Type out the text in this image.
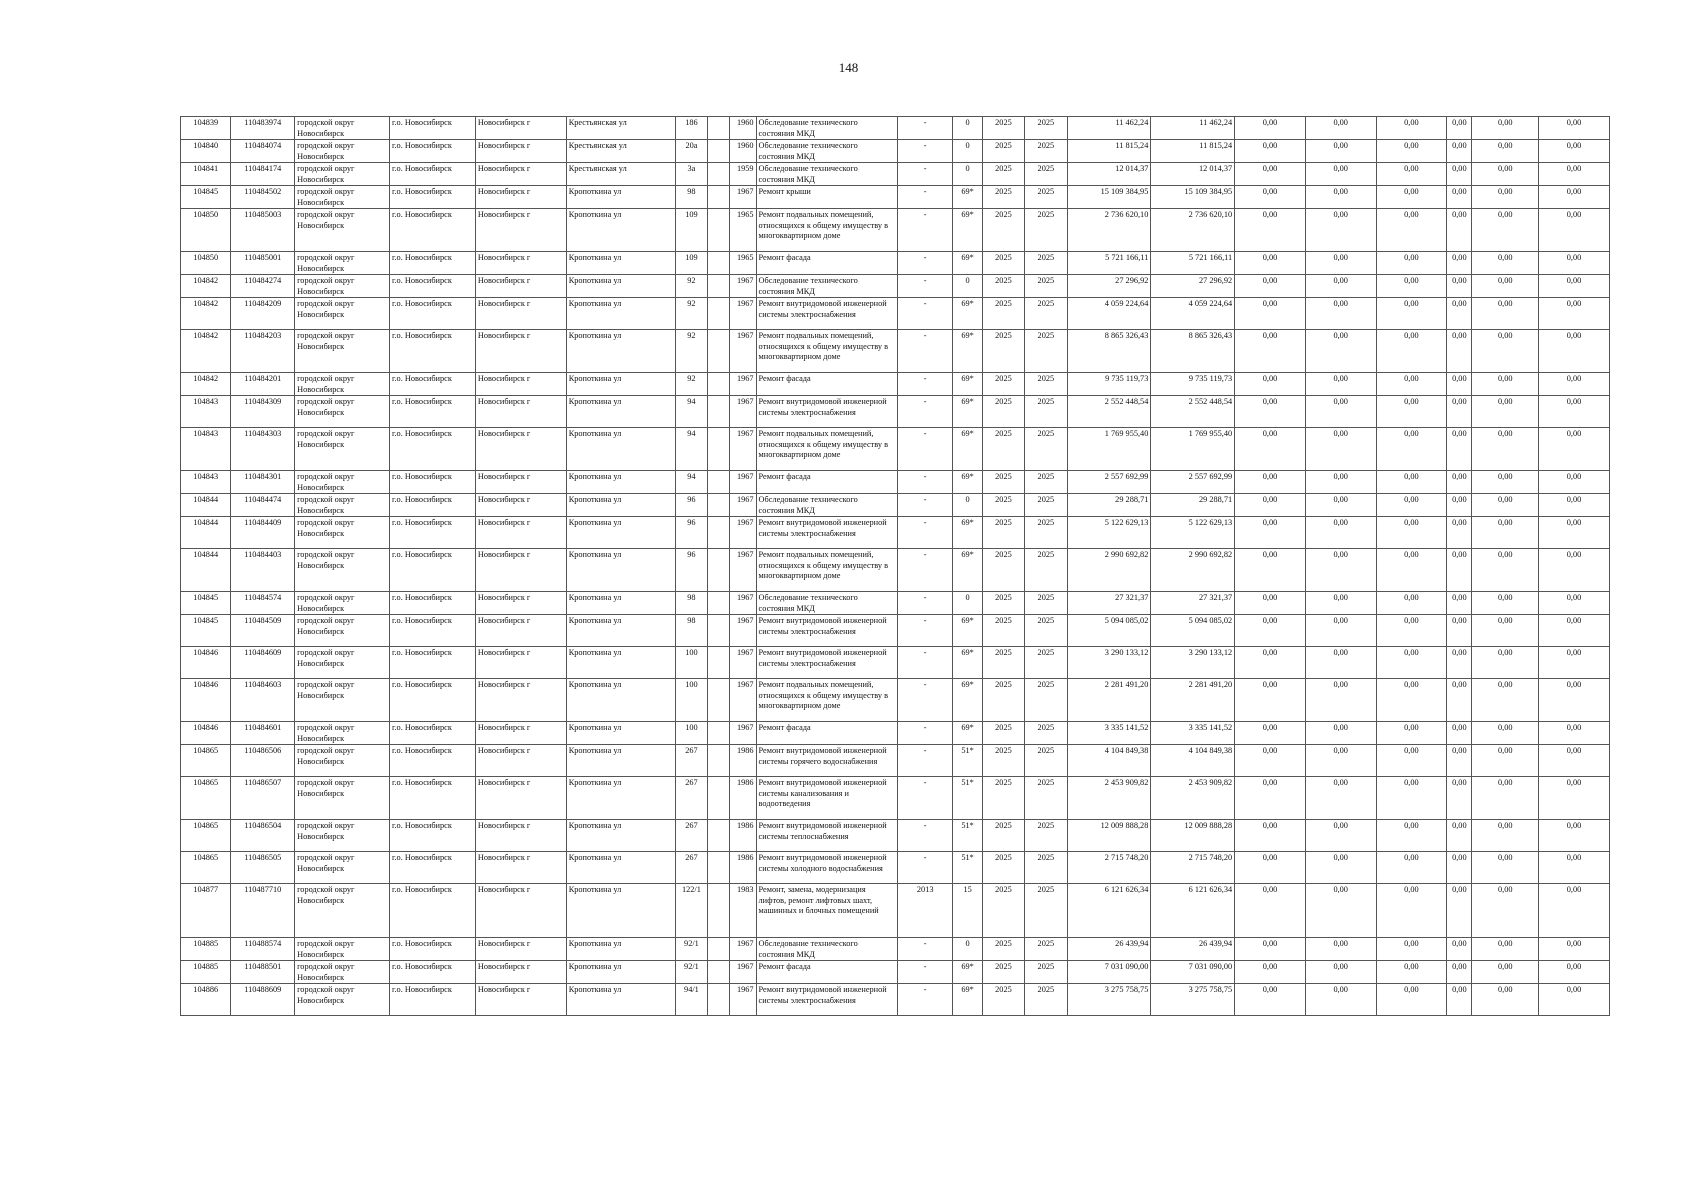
148
104839	110483974	городской округ Новосибирск	г.о. Новосибирск	Новосибирск г	Крестьянская ул	186		1960	Обследование технического состояния МКД	-	0	2025	2025	11 462,24	11 462,24	0,00	0,00	0,00	0,00	0,00	0,00
104840	110484074	городской округ Новосибирск	г.о. Новосибирск	Новосибирск г	Крестьянская ул	20а		1960	Обследование технического состояния МКД	-	0	2025	2025	11 815,24	11 815,24	0,00	0,00	0,00	0,00	0,00	0,00
104841	110484174	городской округ Новосибирск	г.о. Новосибирск	Новосибирск г	Крестьянская ул	3а		1959	Обследование технического состояния МКД	-	0	2025	2025	12 014,37	12 014,37	0,00	0,00	0,00	0,00	0,00	0,00
104845	110484502	городской округ Новосибирск	г.о. Новосибирск	Новосибирск г	Кропоткина ул	98		1967	Ремонт крыши	-	69*	2025	2025	15 109 384,95	15 109 384,95	0,00	0,00	0,00	0,00	0,00	0,00
104850	110485003	городской округ Новосибирск	г.о. Новосибирск	Новосибирск г	Кропоткина ул	109		1965	Ремонт подвальных помещений, относящихся к общему имуществу в многоквартирном доме	-	69*	2025	2025	2 736 620,10	2 736 620,10	0,00	0,00	0,00	0,00	0,00	0,00
104850	110485001	городской округ Новосибирск	г.о. Новосибирск	Новосибирск г	Кропоткина ул	109		1965	Ремонт фасада	-	69*	2025	2025	5 721 166,11	5 721 166,11	0,00	0,00	0,00	0,00	0,00	0,00
104842	110484274	городской округ Новосибирск	г.о. Новосибирск	Новосибирск г	Кропоткина ул	92		1967	Обследование технического состояния МКД	-	0	2025	2025	27 296,92	27 296,92	0,00	0,00	0,00	0,00	0,00	0,00
104842	110484209	городской округ Новосибирск	г.о. Новосибирск	Новосибирск г	Кропоткина ул	92		1967	Ремонт внутридомовой инженерной системы электроснабжения	-	69*	2025	2025	4 059 224,64	4 059 224,64	0,00	0,00	0,00	0,00	0,00	0,00
104842	110484203	городской округ Новосибирск	г.о. Новосибирск	Новосибирск г	Кропоткина ул	92		1967	Ремонт подвальных помещений, относящихся к общему имуществу в многоквартирном доме	-	69*	2025	2025	8 865 326,43	8 865 326,43	0,00	0,00	0,00	0,00	0,00	0,00
104842	110484201	городской округ Новосибирск	г.о. Новосибирск	Новосибирск г	Кропоткина ул	92		1967	Ремонт фасада	-	69*	2025	2025	9 735 119,73	9 735 119,73	0,00	0,00	0,00	0,00	0,00	0,00
104843	110484309	городской округ Новосибирск	г.о. Новосибирск	Новосибирск г	Кропоткина ул	94		1967	Ремонт внутридомовой инженерной системы электроснабжения	-	69*	2025	2025	2 552 448,54	2 552 448,54	0,00	0,00	0,00	0,00	0,00	0,00
104843	110484303	городской округ Новосибирск	г.о. Новосибирск	Новосибирск г	Кропоткина ул	94		1967	Ремонт подвальных помещений, относящихся к общему имуществу в многоквартирном доме	-	69*	2025	2025	1 769 955,40	1 769 955,40	0,00	0,00	0,00	0,00	0,00	0,00
104843	110484301	городской округ Новосибирск	г.о. Новосибирск	Новосибирск г	Кропоткина ул	94		1967	Ремонт фасада	-	69*	2025	2025	2 557 692,99	2 557 692,99	0,00	0,00	0,00	0,00	0,00	0,00
104844	110484474	городской округ Новосибирск	г.о. Новосибирск	Новосибирск г	Кропоткина ул	96		1967	Обследование технического состояния МКД	-	0	2025	2025	29 288,71	29 288,71	0,00	0,00	0,00	0,00	0,00	0,00
104844	110484409	городской округ Новосибирск	г.о. Новосибирск	Новосибирск г	Кропоткина ул	96		1967	Ремонт внутридомовой инженерной системы электроснабжения	-	69*	2025	2025	5 122 629,13	5 122 629,13	0,00	0,00	0,00	0,00	0,00	0,00
104844	110484403	городской округ Новосибирск	г.о. Новосибирск	Новосибирск г	Кропоткина ул	96		1967	Ремонт подвальных помещений, относящихся к общему имуществу в многоквартирном доме	-	69*	2025	2025	2 990 692,82	2 990 692,82	0,00	0,00	0,00	0,00	0,00	0,00
104845	110484574	городской округ Новосибирск	г.о. Новосибирск	Новосибирск г	Кропоткина ул	98		1967	Обследование технического состояния МКД	-	0	2025	2025	27 321,37	27 321,37	0,00	0,00	0,00	0,00	0,00	0,00
104845	110484509	городской округ Новосибирск	г.о. Новосибирск	Новосибирск г	Кропоткина ул	98		1967	Ремонт внутридомовой инженерной системы электроснабжения	-	69*	2025	2025	5 094 085,02	5 094 085,02	0,00	0,00	0,00	0,00	0,00	0,00
104846	110484609	городской округ Новосибирск	г.о. Новосибирск	Новосибирск г	Кропоткина ул	100		1967	Ремонт внутридомовой инженерной системы электроснабжения	-	69*	2025	2025	3 290 133,12	3 290 133,12	0,00	0,00	0,00	0,00	0,00	0,00
104846	110484603	городской округ Новосибирск	г.о. Новосибирск	Новосибирск г	Кропоткина ул	100		1967	Ремонт подвальных помещений, относящихся к общему имуществу в многоквартирном доме	-	69*	2025	2025	2 281 491,20	2 281 491,20	0,00	0,00	0,00	0,00	0,00	0,00
104846	110484601	городской округ Новосибирск	г.о. Новосибирск	Новосибирск г	Кропоткина ул	100		1967	Ремонт фасада	-	69*	2025	2025	3 335 141,52	3 335 141,52	0,00	0,00	0,00	0,00	0,00	0,00
104865	110486506	городской округ Новосибирск	г.о. Новосибирск	Новосибирск г	Кропоткина ул	267		1986	Ремонт внутридомовой инженерной системы горячего водоснабжения	-	51*	2025	2025	4 104 849,38	4 104 849,38	0,00	0,00	0,00	0,00	0,00	0,00
104865	110486507	городской округ Новосибирск	г.о. Новосибирск	Новосибирск г	Кропоткина ул	267		1986	Ремонт внутридомовой инженерной системы канализования и водоотведения	-	51*	2025	2025	2 453 909,82	2 453 909,82	0,00	0,00	0,00	0,00	0,00	0,00
104865	110486504	городской округ Новосибирск	г.о. Новосибирск	Новосибирск г	Кропоткина ул	267		1986	Ремонт внутридомовой инженерной системы теплоснабжения	-	51*	2025	2025	12 009 888,28	12 009 888,28	0,00	0,00	0,00	0,00	0,00	0,00
104865	110486505	городской округ Новосибирск	г.о. Новосибирск	Новосибирск г	Кропоткина ул	267		1986	Ремонт внутридомовой инженерной системы холодного водоснабжения	-	51*	2025	2025	2 715 748,20	2 715 748,20	0,00	0,00	0,00	0,00	0,00	0,00
104877	110487710	городской округ Новосибирск	г.о. Новосибирск	Новосибирск г	Кропоткина ул	122/1		1983	Ремонт, замена, модернизация лифтов, ремонт лифтовых шахт, машинных и блочных помещений	2013	15	2025	2025	6 121 626,34	6 121 626,34	0,00	0,00	0,00	0,00	0,00	0,00
104885	110488574	городской округ Новосибирск	г.о. Новосибирск	Новосибирск г	Кропоткина ул	92/1		1967	Обследование технического состояния МКД	-	0	2025	2025	26 439,94	26 439,94	0,00	0,00	0,00	0,00	0,00	0,00
104885	110488501	городской округ Новосибирск	г.о. Новосибирск	Новосибирск г	Кропоткина ул	92/1		1967	Ремонт фасада	-	69*	2025	2025	7 031 090,00	7 031 090,00	0,00	0,00	0,00	0,00	0,00	0,00
104886	110488609	городской округ Новосибирск	г.о. Новосибирск	Новосибирск г	Кропоткина ул	94/1		1967	Ремонт внутридомовой инженерной системы электроснабжения	-	69*	2025	2025	3 275 758,75	3 275 758,75	0,00	0,00	0,00	0,00	0,00	0,00
